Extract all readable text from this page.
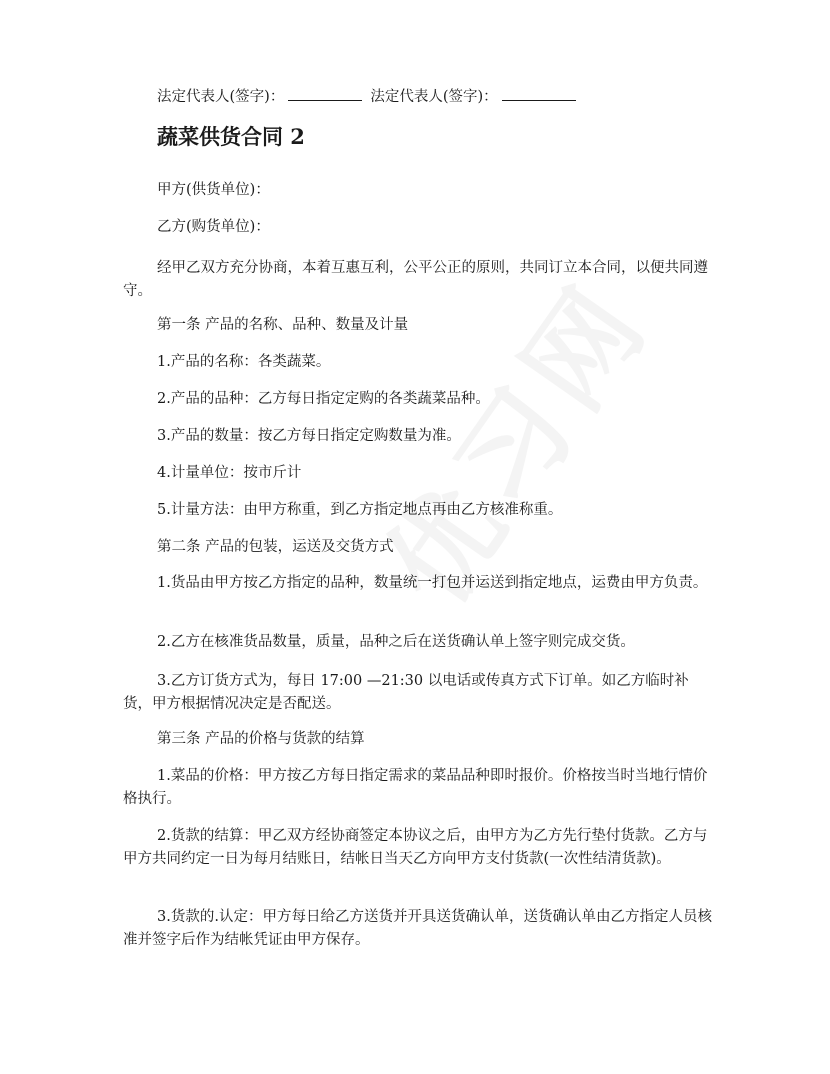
法定代表人(签字)：	法定代表人(签字)：
蔬菜供货合同 2
甲方(供货单位)：
乙方(购货单位)：
经甲乙双方充分协商，本着互惠互利，公平公正的原则，共同订立本合同，以便共同遵守。
第一条 产品的名称、品种、数量及计量
1.产品的名称：各类蔬菜。
2.产品的品种：乙方每日指定定购的各类蔬菜品种。
3.产品的数量：按乙方每日指定定购数量为准。
4.计量单位：按市斤计
5.计量方法：由甲方称重，到乙方指定地点再由乙方核准称重。
第二条 产品的包装，运送及交货方式
1.货品由甲方按乙方指定的品种，数量统一打包并运送到指定地点，运费由甲方负责。
2.乙方在核准货品数量，质量，品种之后在送货确认单上签字则完成交货。
3.乙方订货方式为，每日 17:00 —21:30 以电话或传真方式下订单。如乙方临时补货，甲方根据情况决定是否配送。
第三条 产品的价格与货款的结算
1.菜品的价格：甲方按乙方每日指定需求的菜品品种即时报价。价格按当时当地行情价格执行。
2.货款的结算：甲乙双方经协商签定本协议之后，由甲方为乙方先行垫付货款。乙方与甲方共同约定一日为每月结账日，结帐日当天乙方向甲方支付货款(一次性结清货款)。
3.货款的.认定：甲方每日给乙方送货并开具送货确认单，送货确认单由乙方指定人员核准并签字后作为结帐凭证由甲方保存。
